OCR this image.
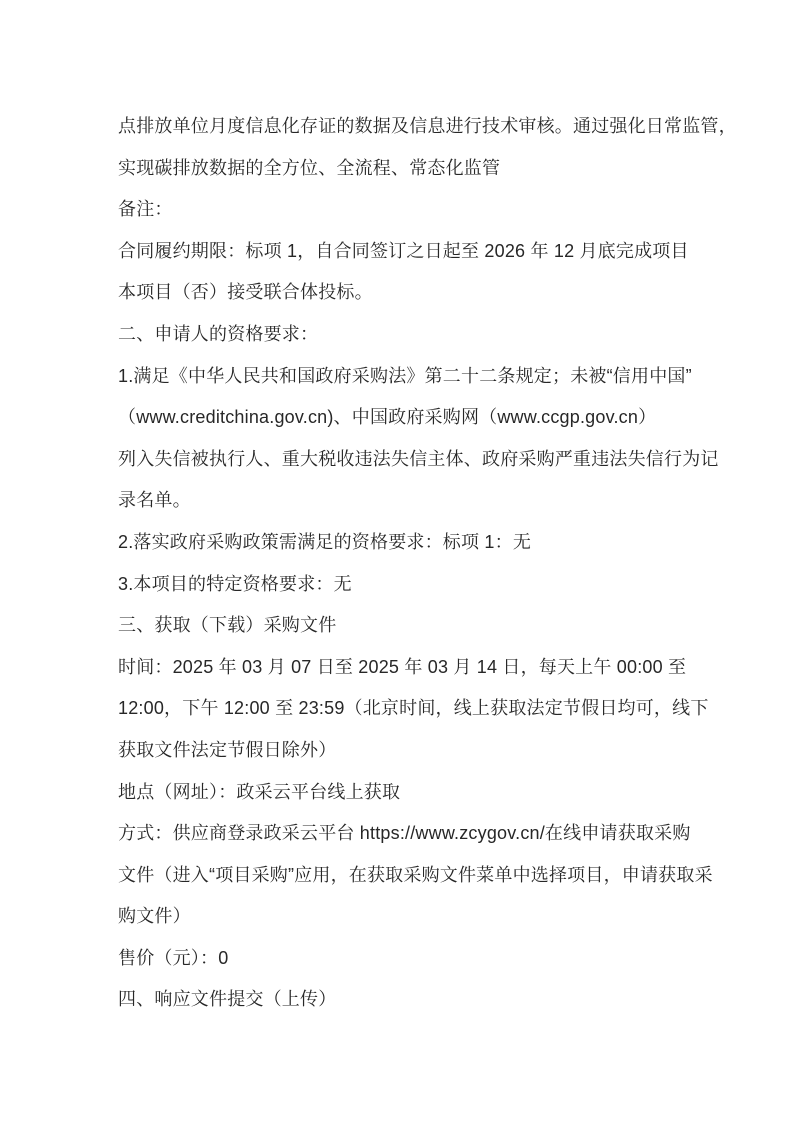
点排放单位月度信息化存证的数据及信息进行技术审核。通过强化日常监管，
实现碳排放数据的全方位、全流程、常态化监管
备注：
合同履约期限：标项 1，自合同签订之日起至 2026 年 12 月底完成项目
本项目（否）接受联合体投标。
二、申请人的资格要求：
1.满足《中华人民共和国政府采购法》第二十二条规定；未被“信用中国”
（www.creditchina.gov.cn)、中国政府采购网（www.ccgp.gov.cn）
列入失信被执行人、重大税收违法失信主体、政府采购严重违法失信行为记
录名单。
2.落实政府采购政策需满足的资格要求：标项 1：无
3.本项目的特定资格要求：无
三、获取（下载）采购文件
时间：2025 年 03 月 07 日至 2025 年 03 月 14 日，每天上午 00:00 至
12:00，下午 12:00 至 23:59（北京时间，线上获取法定节假日均可，线下
获取文件法定节假日除外）
地点（网址）：政采云平台线上获取
方式：供应商登录政采云平台 https://www.zcygov.cn/在线申请获取采购
文件（进入“项目采购”应用，在获取采购文件菜单中选择项目，申请获取采
购文件）
售价（元）：0
四、响应文件提交（上传）
